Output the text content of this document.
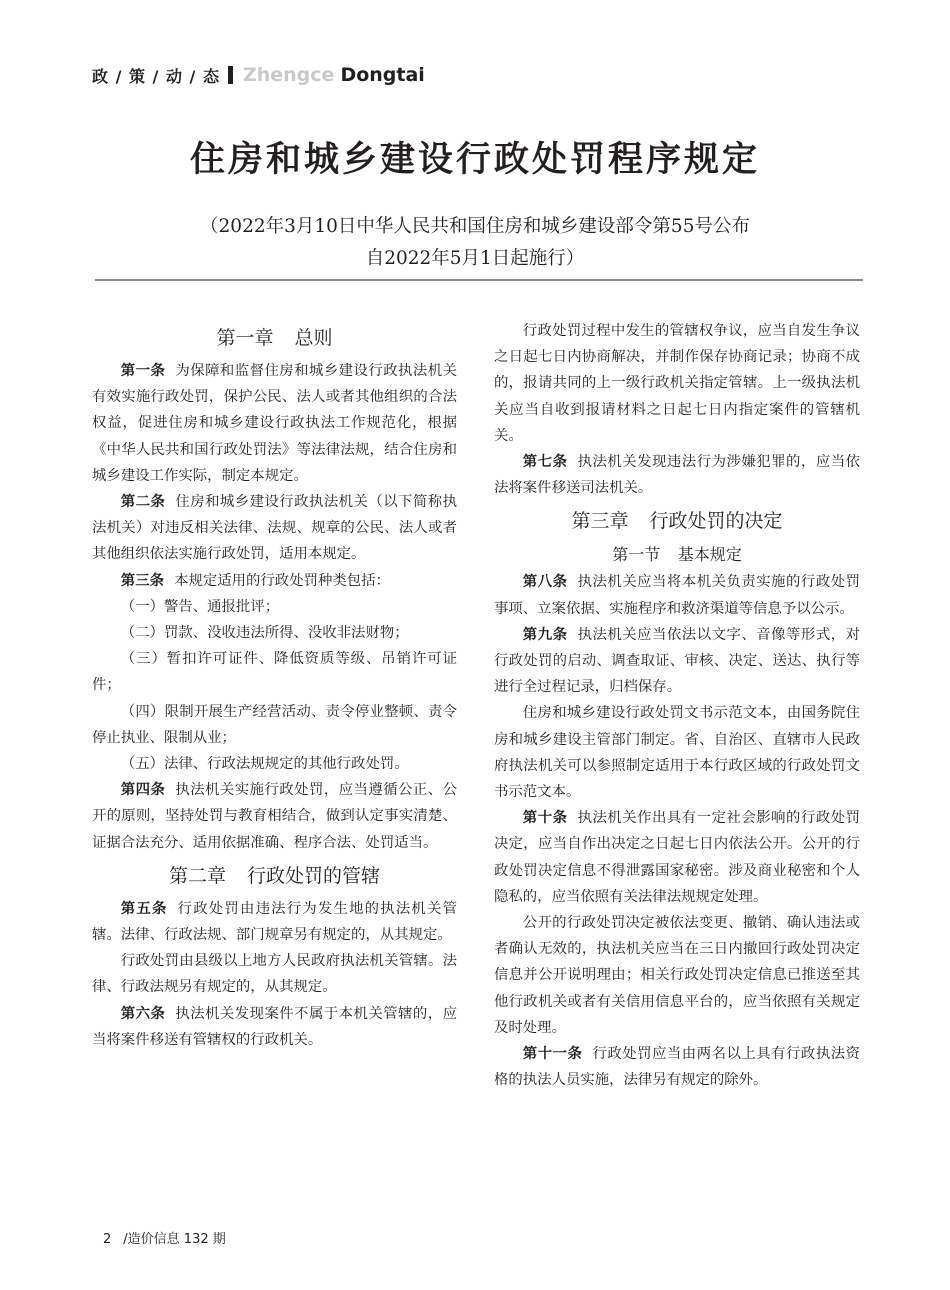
政 / 策 / 动 / 态 Zhengce Dongtai
住房和城乡建设行政处罚程序规定
（2022年3月10日中华人民共和国住房和城乡建设部令第55号公布
自2022年5月1日起施行）
第一章 总则

第一条 为保障和监督住房和城乡建设行政执法机关有效实施行政处罚，保护公民、法人或者其他组织的合法权益，促进住房和城乡建设行政执法工作规范化，根据《中华人民共和国行政处罚法》等法律法规，结合住房和城乡建设工作实际，制定本规定。

第二条 住房和城乡建设行政执法机关（以下简称执法机关）对违反相关法律、法规、规章的公民、法人或者其他组织依法实施行政处罚，适用本规定。

第三条 本规定适用的行政处罚种类包括：

（一）警告、通报批评；

（二）罚款、没收违法所得、没收非法财物；

（三）暂扣许可证件、降低资质等级、吊销许可证件；

（四）限制开展生产经营活动、责令停业整顿、责令停止执业、限制从业；

（五）法律、行政法规规定的其他行政处罚。

第四条 执法机关实施行政处罚，应当遵循公正、公开的原则，坚持处罚与教育相结合，做到认定事实清楚、证据合法充分、适用依据准确、程序合法、处罚适当。

第二章 行政处罚的管辖

第五条 行政处罚由违法行为发生地的执法机关管辖。法律、行政法规、部门规章另有规定的，从其规定。

行政处罚由县级以上地方人民政府执法机关管辖。法律、行政法规另有规定的，从其规定。

第六条 执法机关发现案件不属于本机关管辖的，应当将案件移送有管辖权的行政机关。

行政处罚过程中发生的管辖权争议，应当自发生争议之日起七日内协商解决，并制作保存协商记录；协商不成的，报请共同的上一级行政机关指定管辖。上一级执法机关应当自收到报请材料之日起七日内指定案件的管辖机关。

第七条 执法机关发现违法行为涉嫌犯罪的，应当依法将案件移送司法机关。

第三章 行政处罚的决定
第一节 基本规定

第八条 执法机关应当将本机关负责实施的行政处罚事项、立案依据、实施程序和救济渠道等信息予以公示。

第九条 执法机关应当依法以文字、音像等形式，对行政处罚的启动、调查取证、审核、决定、送达、执行等进行全过程记录，归档保存。

住房和城乡建设行政处罚文书示范文本，由国务院住房和城乡建设主管部门制定。省、自治区、直辖市人民政府执法机关可以参照制定适用于本行政区域的行政处罚文书示范文本。

第十条 执法机关作出具有一定社会影响的行政处罚决定，应当自作出决定之日起七日内依法公开。公开的行政处罚决定信息不得泄露国家秘密。涉及商业秘密和个人隐私的，应当依照有关法律法规规定处理。

公开的行政处罚决定被依法变更、撤销、确认违法或者确认无效的，执法机关应当在三日内撤回行政处罚决定信息并公开说明理由；相关行政处罚决定信息已推送至其他行政机关或者有关信用信息平台的，应当依照有关规定及时处理。

第十一条 行政处罚应当由两名以上具有行政执法资格的执法人员实施，法律另有规定的除外。

2 /造价信息 132 期
